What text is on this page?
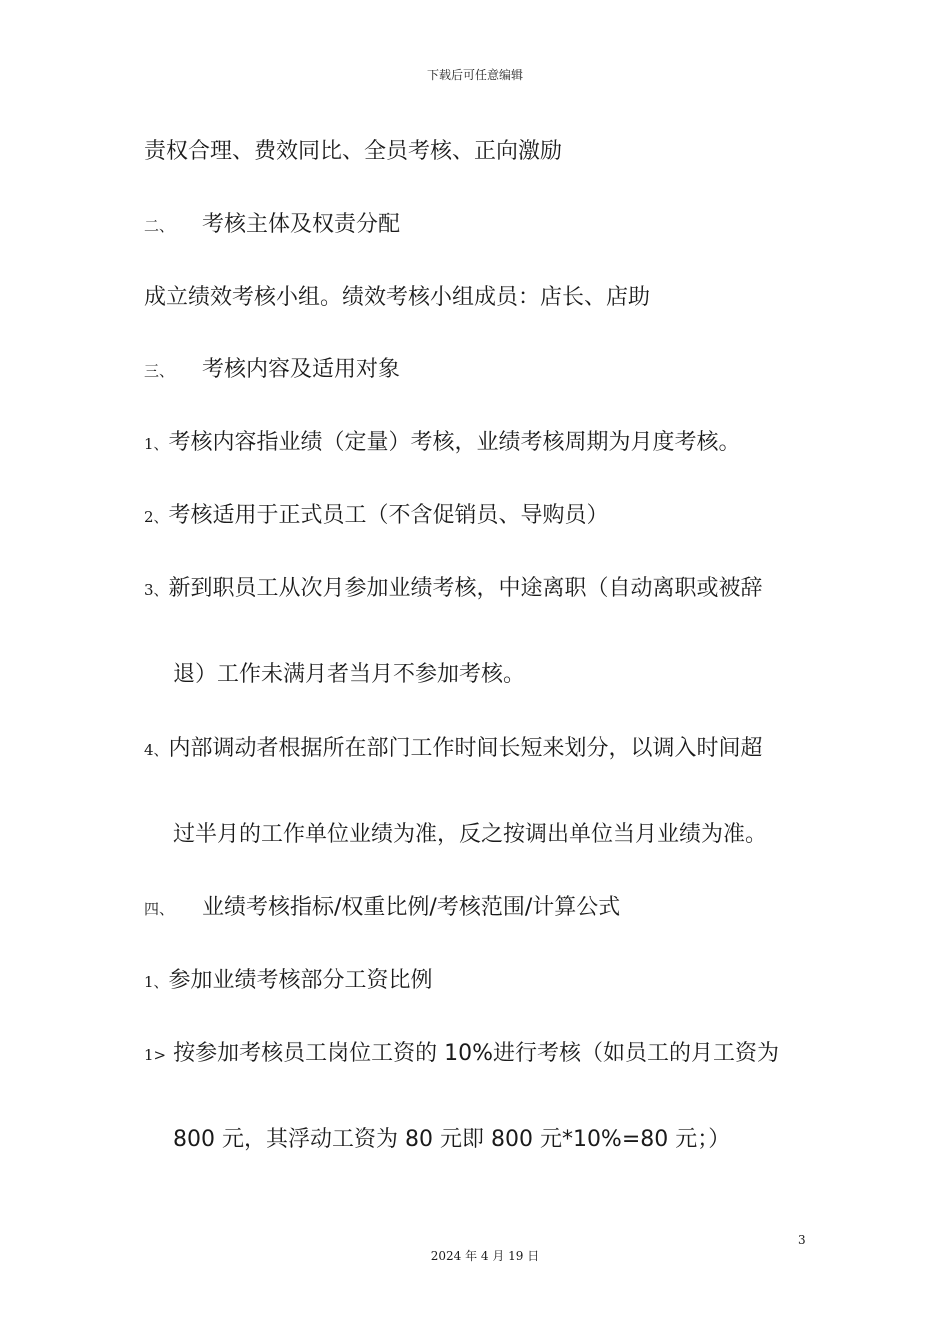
下载后可任意编辑
责权合理、费效同比、全员考核、正向激励
二、 考核主体及权责分配
成立绩效考核小组。绩效考核小组成员：店长、店助
三、 考核内容及适用对象
1、考核内容指业绩（定量）考核，业绩考核周期为月度考核。
2、考核适用于正式员工（不含促销员、导购员）
3、新到职员工从次月参加业绩考核，中途离职（自动离职或被辞
退）工作未满月者当月不参加考核。
4、内部调动者根据所在部门工作时间长短来划分，以调入时间超
过半月的工作单位业绩为准，反之按调出单位当月业绩为准。
四、 业绩考核指标/权重比例/考核范围/计算公式
1、参加业绩考核部分工资比例
1> 按参加考核员工岗位工资的 10%进行考核（如员工的月工资为
800 元，其浮动工资为 80 元即 800 元*10%=80 元；）
3
2024 年 4 月 19 日
